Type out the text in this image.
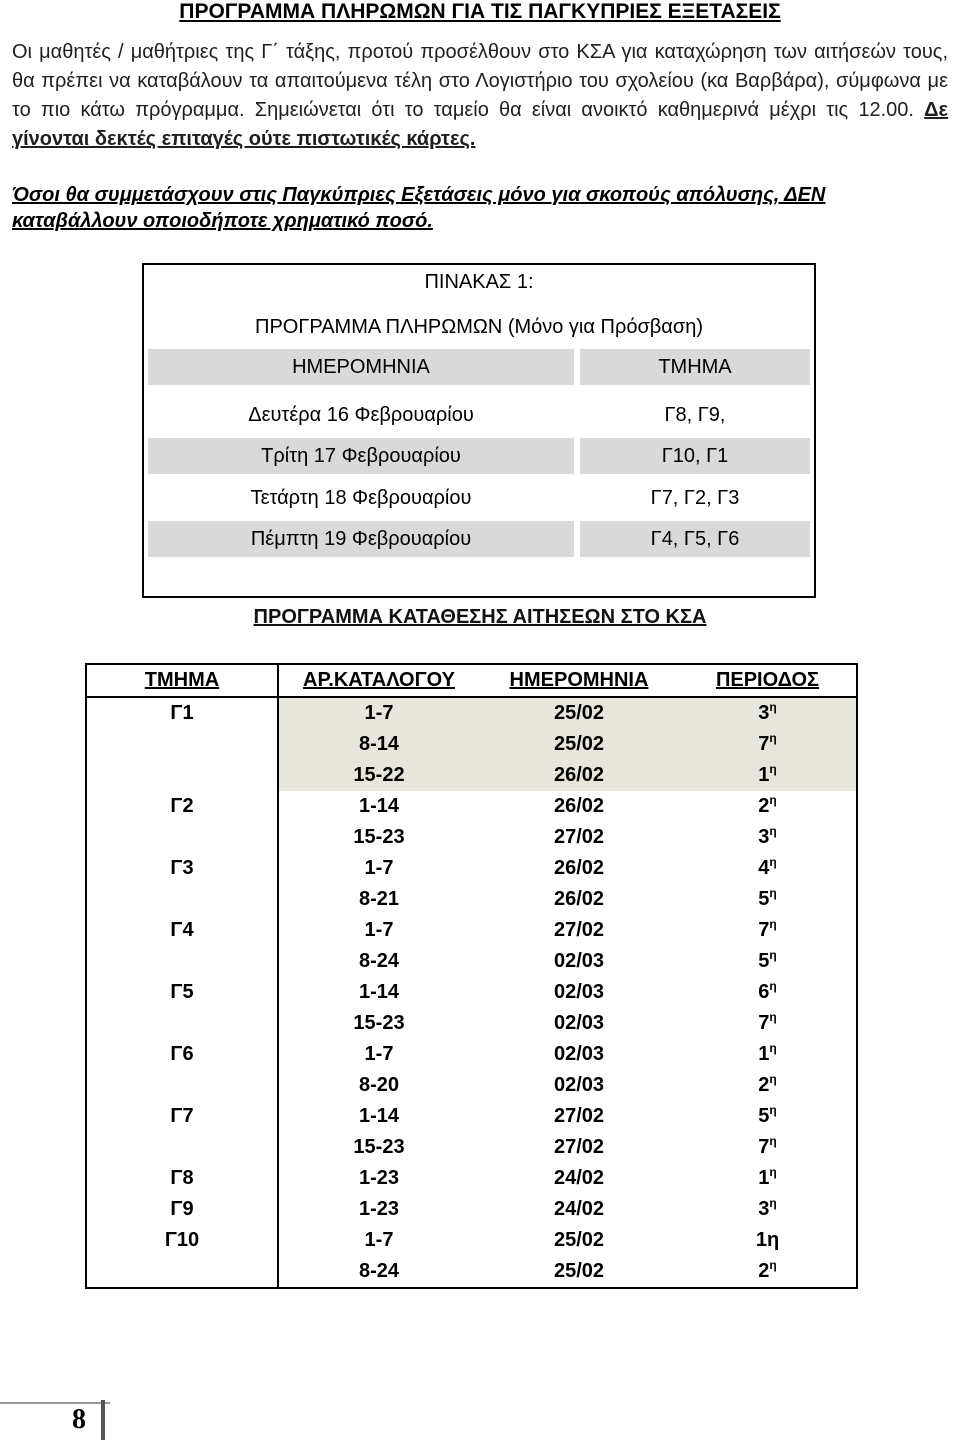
ΠΡΟΓΡΑΜΜΑ ΠΛΗΡΩΜΩΝ ΓΙΑ ΤΙΣ ΠΑΓΚΥΠΡΙΕΣ ΕΞΕΤΑΣΕΙΣ
Οι μαθητές / μαθήτριες της Γ΄ τάξης, προτού προσέλθουν στο ΚΣΑ για καταχώρηση των αιτήσεών τους, θα πρέπει να καταβάλουν τα απαιτούμενα τέλη στο Λογιστήριο του σχολείου (κα Βαρβάρα), σύμφωνα με το πιο κάτω πρόγραμμα. Σημειώνεται ότι το ταμείο θα είναι ανοικτό καθημερινά μέχρι τις 12.00. Δε γίνονται δεκτές επιταγές ούτε πιστωτικές κάρτες.
Όσοι θα συμμετάσχουν στις Παγκύπριες Εξετάσεις μόνο για σκοπούς απόλυσης, ΔΕΝ καταβάλλουν οποιοδήποτε χρηματικό ποσό.
ΠΙΝΑΚΑΣ 1:
ΠΡΟΓΡΑΜΜΑ ΠΛΗΡΩΜΩΝ (Μόνο για Πρόσβαση)
ΗΜΕΡΟΜΗΝΙΑ	ΤΜΗΜΑ
Δευτέρα 16 Φεβρουαρίου	Γ8, Γ9,
Τρίτη 17 Φεβρουαρίου	Γ10, Γ1
Τετάρτη 18 Φεβρουαρίου	Γ7, Γ2, Γ3
Πέμπτη 19 Φεβρουαρίου	Γ4, Γ5, Γ6
ΠΡΟΓΡΑΜΜΑ ΚΑΤΑΘΕΣΗΣ ΑΙΤΗΣΕΩΝ ΣΤΟ ΚΣΑ
ΤΜΗΜΑ	ΑΡ.ΚΑΤΑΛΟΓΟΥ	ΗΜΕΡΟΜΗΝΙΑ	ΠΕΡΙΟΔΟΣ
Γ1	1-7	25/02	$3^\eta$
	8-14	25/02	$7^\eta$
	15-22	26/02	$1^\eta$
Γ2	1-14	26/02	$2^\eta$
	15-23	27/02	$3^\eta$
Γ3	1-7	26/02	$4^\eta$
	8-21	26/02	$5^\eta$
Γ4	1-7	27/02	$7^\eta$
	8-24	02/03	$5^\eta$
Γ5	1-14	02/03	$6^\eta$
	15-23	02/03	$7^\eta$
Γ6	1-7	02/03	$1^\eta$
	8-20	02/03	$2^\eta$
Γ7	1-14	27/02	$5^\eta$
	15-23	27/02	$7^\eta$
Γ8	1-23	24/02	$1^\eta$
Γ9	1-23	24/02	$3^\eta$
Γ10	1-7	25/02	1η
	8-24	25/02	$2^\eta$
8
